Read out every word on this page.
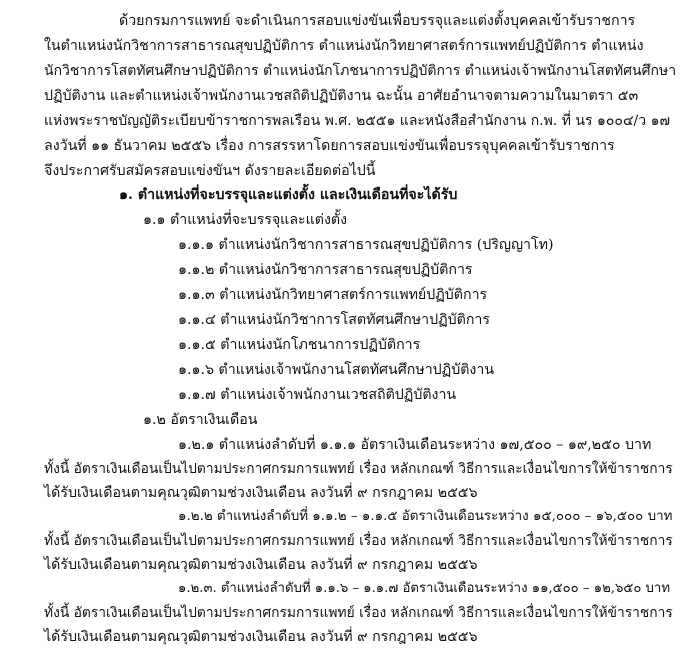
ด้วยกรมการแพทย์ จะดำเนินการสอบแข่งขันเพื่อบรรจุและแต่งตั้งบุคคลเข้ารับราชการ
ในตำแหน่งนักวิชาการสาธารณสุขปฏิบัติการ ตำแหน่งนักวิทยาศาสตร์การแพทย์ปฏิบัติการ ตำแหน่ง
นักวิชาการโสตทัศนศึกษาปฏิบัติการ ตำแหน่งนักโภชนาการปฏิบัติการ ตำแหน่งเจ้าพนักงานโสตทัศนศึกษา
ปฏิบัติงาน และตำแหน่งเจ้าพนักงานเวชสถิติปฏิบัติงาน ฉะนั้น อาศัยอำนาจตามความในมาตรา ๕๓
แห่งพระราชบัญญัติระเบียบข้าราชการพลเรือน พ.ศ. ๒๕๕๑ และหนังสือสำนักงาน ก.พ. ที่ นร ๑๐๐๔/ว ๑๗
ลงวันที่ ๑๑ ธันวาคม ๒๕๕๖ เรื่อง การสรรหาโดยการสอบแข่งขันเพื่อบรรจุบุคคลเข้ารับราชการ
จึงประกาศรับสมัครสอบแข่งขันฯ ดังรายละเอียดต่อไปนี้
๑. ตำแหน่งที่จะบรรจุและแต่งตั้ง และเงินเดือนที่จะได้รับ
๑.๑ ตำแหน่งที่จะบรรจุและแต่งตั้ง
๑.๑.๑ ตำแหน่งนักวิชาการสาธารณสุขปฏิบัติการ (ปริญญาโท)
๑.๑.๒ ตำแหน่งนักวิชาการสาธารณสุขปฏิบัติการ
๑.๑.๓ ตำแหน่งนักวิทยาศาสตร์การแพทย์ปฏิบัติการ
๑.๑.๔ ตำแหน่งนักวิชาการโสตทัศนศึกษาปฏิบัติการ
๑.๑.๕ ตำแหน่งนักโภชนาการปฏิบัติการ
๑.๑.๖ ตำแหน่งเจ้าพนักงานโสตทัศนศึกษาปฏิบัติงาน
๑.๑.๗ ตำแหน่งเจ้าพนักงานเวชสถิติปฏิบัติงาน
๑.๒ อัตราเงินเดือน
๑.๒.๑ ตำแหน่งลำดับที่ ๑.๑.๑ อัตราเงินเดือนระหว่าง ๑๗,๕๐๐ – ๑๙,๒๕๐ บาท
ทั้งนี้ อัตราเงินเดือนเป็นไปตามประกาศกรมการแพทย์ เรื่อง หลักเกณฑ์ วิธีการและเงื่อนไขการให้ข้าราชการ
ได้รับเงินเดือนตามคุณวุฒิตามช่วงเงินเดือน ลงวันที่ ๙ กรกฎาคม ๒๕๕๖
๑.๒.๒ ตำแหน่งลำดับที่ ๑.๑.๒ – ๑.๑.๕ อัตราเงินเดือนระหว่าง ๑๕,๐๐๐ – ๑๖,๕๐๐ บาท
ทั้งนี้ อัตราเงินเดือนเป็นไปตามประกาศกรมการแพทย์ เรื่อง หลักเกณฑ์ วิธีการและเงื่อนไขการให้ข้าราชการ
ได้รับเงินเดือนตามคุณวุฒิตามช่วงเงินเดือน ลงวันที่ ๙ กรกฎาคม ๒๕๕๖
๑.๒.๓. ตำแหน่งลำดับที่ ๑.๑.๖ – ๑.๑.๗ อัตราเงินเดือนระหว่าง ๑๑,๕๐๐ – ๑๒,๖๕๐ บาท
ทั้งนี้ อัตราเงินเดือนเป็นไปตามประกาศกรมการแพทย์ เรื่อง หลักเกณฑ์ วิธีการและเงื่อนไขการให้ข้าราชการ
ได้รับเงินเดือนตามคุณวุฒิตามช่วงเงินเดือน ลงวันที่ ๙ กรกฎาคม ๒๕๕๖
